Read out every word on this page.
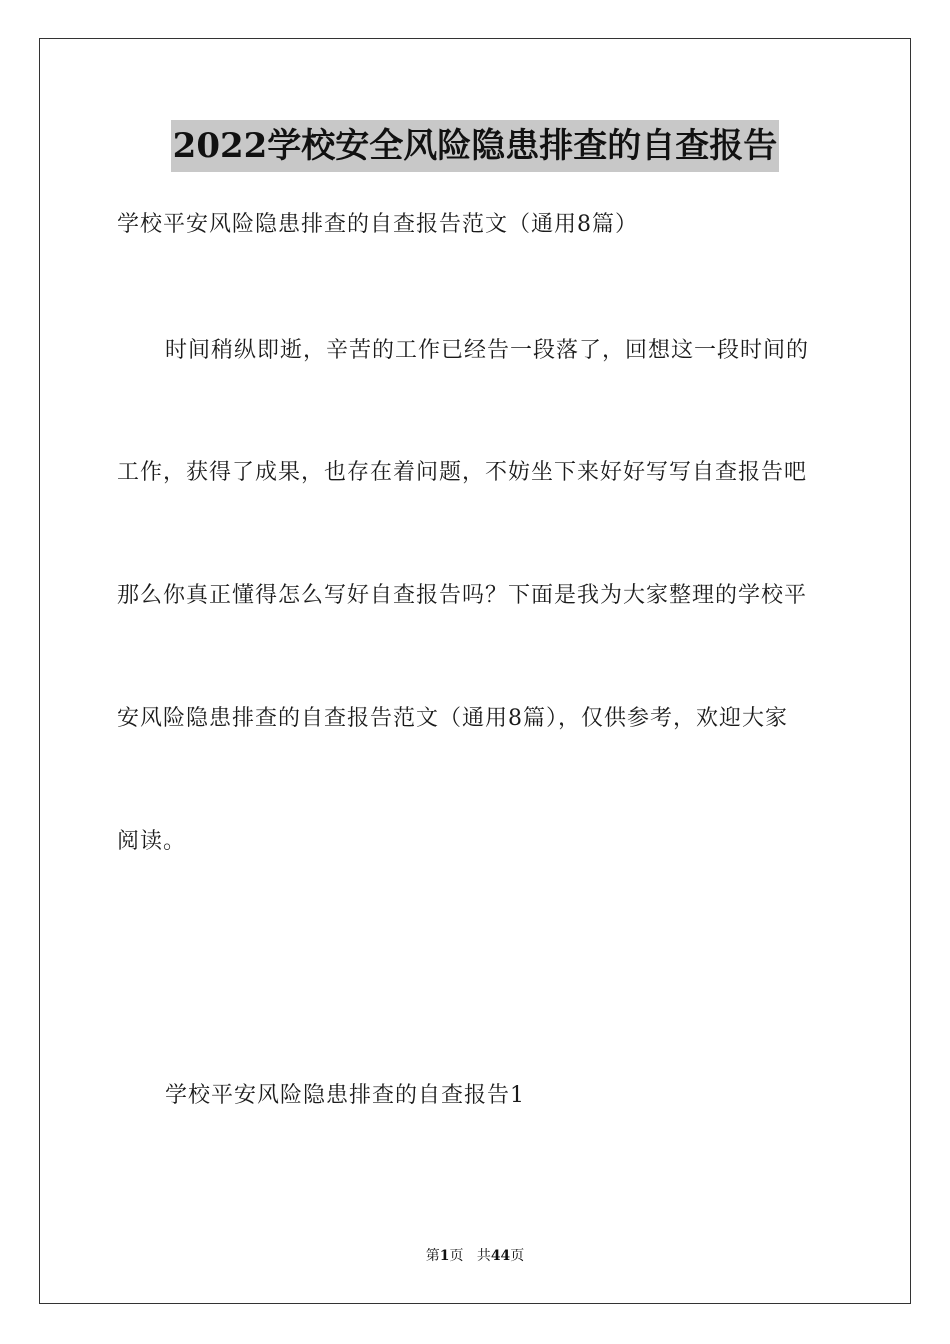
2022学校安全风险隐患排查的自查报告
学校平安风险隐患排查的自查报告范文（通用8篇）
时间稍纵即逝，辛苦的工作已经告一段落了，回想这一段时间的
工作，获得了成果，也存在着问题，不妨坐下来好好写写自查报告吧
那么你真正懂得怎么写好自查报告吗？下面是我为大家整理的学校平
安风险隐患排查的自查报告范文（通用8篇），仅供参考，欢迎大家
阅读。
学校平安风险隐患排查的自查报告1
第1页 共44页
